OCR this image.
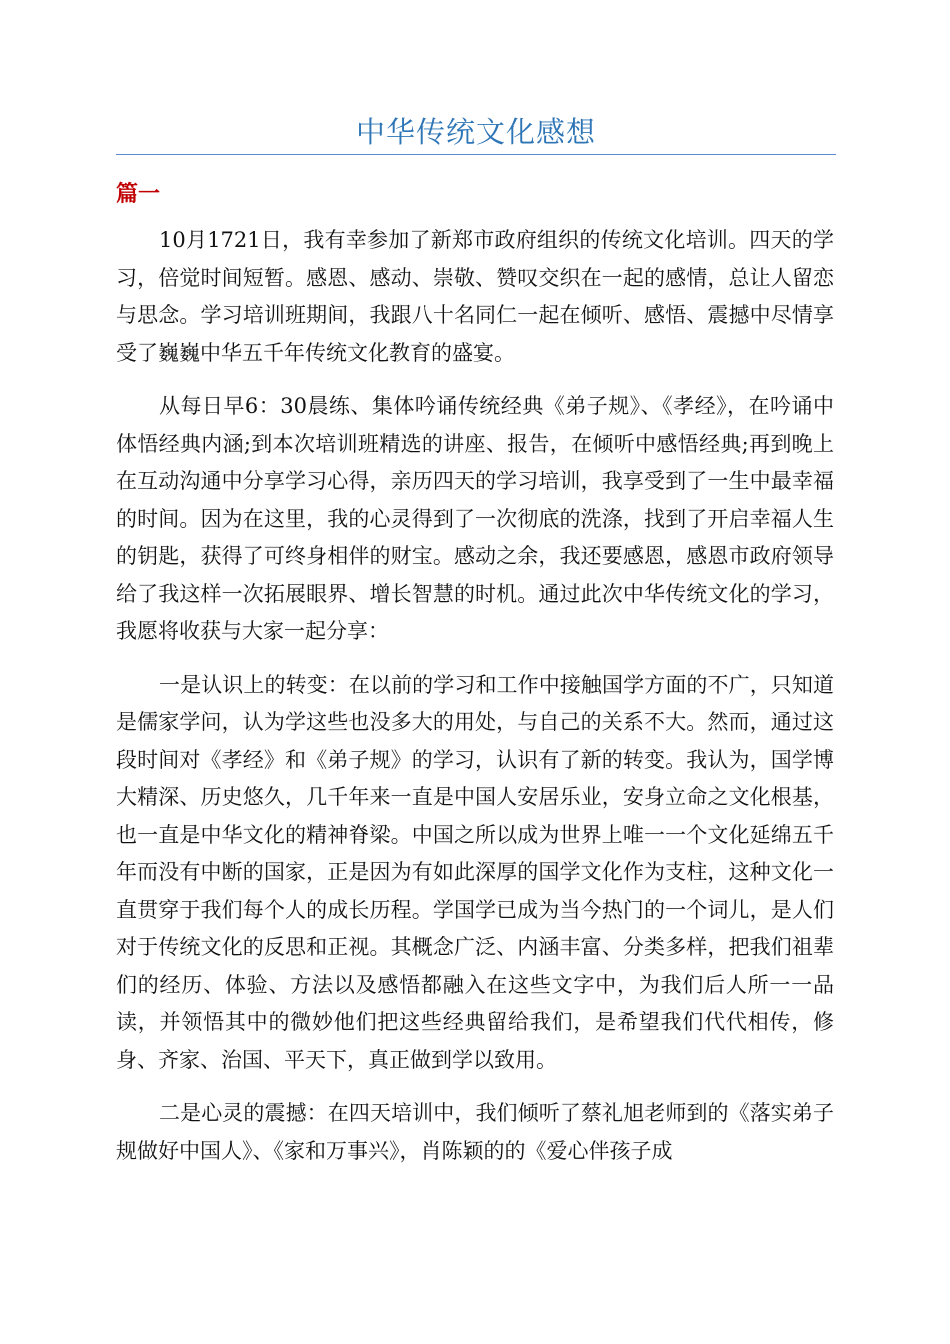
中华传统文化感想
篇一

10月1721日，我有幸参加了新郑市政府组织的传统文化培训。四天的学习，倍觉时间短暂。感恩、感动、崇敬、赞叹交织在一起的感情，总让人留恋与思念。学习培训班期间，我跟八十名同仁一起在倾听、感悟、震撼中尽情享受了巍巍中华五千年传统文化教育的盛宴。

从每日早6：30晨练、集体吟诵传统经典《弟子规》、《孝经》，在吟诵中体悟经典内涵;到本次培训班精选的讲座、报告，在倾听中感悟经典;再到晚上在互动沟通中分享学习心得，亲历四天的学习培训，我享受到了一生中最幸福的时间。因为在这里，我的心灵得到了一次彻底的洗涤，找到了开启幸福人生的钥匙，获得了可终身相伴的财宝。感动之余，我还要感恩，感恩市政府领导给了我这样一次拓展眼界、增长智慧的时机。通过此次中华传统文化的学习，我愿将收获与大家一起分享：

一是认识上的转变：在以前的学习和工作中接触国学方面的不广，只知道是儒家学问，认为学这些也没多大的用处，与自己的关系不大。然而，通过这段时间对《孝经》和《弟子规》的学习，认识有了新的转变。我认为，国学博大精深、历史悠久，几千年来一直是中国人安居乐业，安身立命之文化根基，也一直是中华文化的精神脊梁。中国之所以成为世界上唯一一个文化延绵五千年而没有中断的国家，正是因为有如此深厚的国学文化作为支柱，这种文化一直贯穿于我们每个人的成长历程。学国学已成为当今热门的一个词儿，是人们对于传统文化的反思和正视。其概念广泛、内涵丰富、分类多样，把我们祖辈们的经历、体验、方法以及感悟都融入在这些文字中，为我们后人所一一品读，并领悟其中的微妙他们把这些经典留给我们，是希望我们代代相传，修身、齐家、治国、平天下，真正做到学以致用。

二是心灵的震撼：在四天培训中，我们倾听了蔡礼旭老师到的《落实弟子规做好中国人》、《家和万事兴》，肖陈颖的的《爱心伴孩子成
